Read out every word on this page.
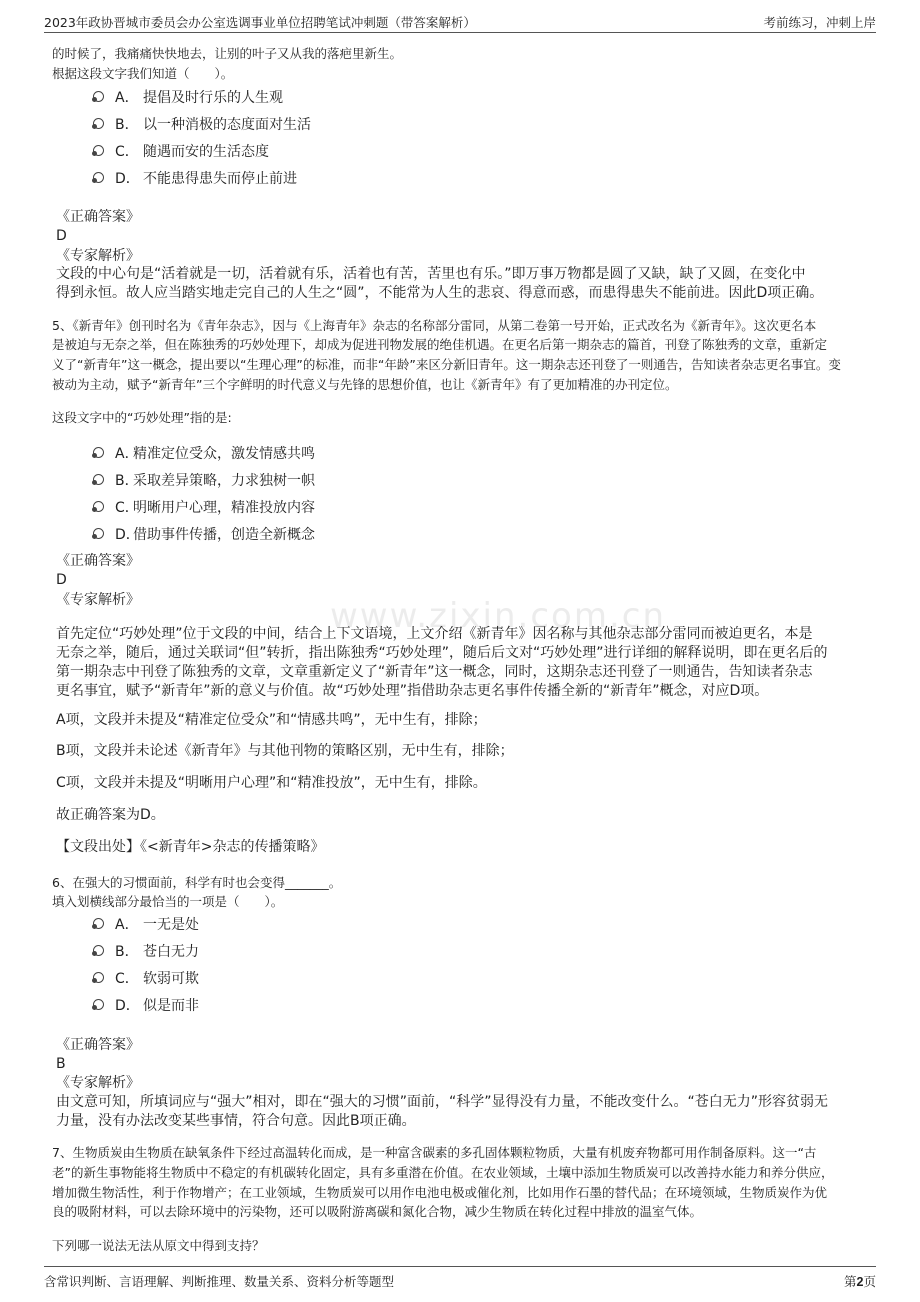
2023年政协晋城市委员会办公室选调事业单位招聘笔试冲刺题（带答案解析）	考前练习，冲刺上岸
www.zixin.com.cn
的时候了，我痛痛快快地去，让别的叶子又从我的落疤里新生。
根据这段文字我们知道（　　）。
A． 提倡及时行乐的人生观
B． 以一种消极的态度面对生活
C． 随遇而安的生活态度
D． 不能患得患失而停止前进
《正确答案》
D
《专家解析》
文段的中心句是“活着就是一切，活着就有乐，活着也有苦，苦里也有乐。”即万事万物都是圆了又缺，缺了又圆，在变化中
得到永恒。故人应当踏实地走完自己的人生之“圆”，不能常为人生的悲哀、得意而惑，而患得患失不能前进。因此D项正确。
5、《新青年》创刊时名为《青年杂志》，因与《上海青年》杂志的名称部分雷同，从第二卷第一号开始，正式改名为《新青年》。这次更名本
是被迫与无奈之举，但在陈独秀的巧妙处理下，却成为促进刊物发展的绝佳机遇。在更名后第一期杂志的篇首，刊登了陈独秀的文章，重新定
义了“新青年”这一概念，提出要以“生理心理”的标准，而非“年龄”来区分新旧青年。这一期杂志还刊登了一则通告，告知读者杂志更名事宜。变
被动为主动，赋予“新青年”三个字鲜明的时代意义与先锋的思想价值，也让《新青年》有了更加精准的办刊定位。
这段文字中的“巧妙处理”指的是:
A．
精准定位受众，激发情感共鸣
B．
采取差异策略，力求独树一帜
C．
明晰用户心理，精准投放内容
D．
借助事件传播，创造全新概念
《正确答案》
D
《专家解析》
首先定位“巧妙处理”位于文段的中间，结合上下文语境，上文介绍《新青年》因名称与其他杂志部分雷同而被迫更名，本是
无奈之举，随后，通过关联词“但”转折，指出陈独秀“巧妙处理”，随后后文对“巧妙处理”进行详细的解释说明，即在更名后的
第一期杂志中刊登了陈独秀的文章，文章重新定义了“新青年”这一概念，同时，这期杂志还刊登了一则通告，告知读者杂志
更名事宜，赋予“新青年”新的意义与价值。故“巧妙处理”指借助杂志更名事件传播全新的“新青年”概念，对应D项。
A项，文段并未提及“精准定位受众”和“情感共鸣”，无中生有，排除；
B项，文段并未论述《新青年》与其他刊物的策略区别，无中生有，排除；
C项，文段并未提及“明晰用户心理”和“精准投放”，无中生有，排除。
故正确答案为D。
【文段出处】《<新青年>杂志的传播策略》
6、在强大的习惯面前，科学有时也会变得_______。
填入划横线部分最恰当的一项是（　　）。
A． 一无是处
B． 苍白无力
C． 软弱可欺
D． 似是而非
《正确答案》
B
《专家解析》
由文意可知，所填词应与“强大”相对，即在“强大的习惯”面前，“科学”显得没有力量，不能改变什么。“苍白无力”形容贫弱无
力量，没有办法改变某些事情，符合句意。因此B项正确。
7、生物质炭由生物质在缺氧条件下经过高温转化而成，是一种富含碳素的多孔固体颗粒物质，大量有机废弃物都可用作制备原料。这一“古
老”的新生事物能将生物质中不稳定的有机碳转化固定，具有多重潜在价值。在农业领域，土壤中添加生物质炭可以改善持水能力和养分供应，
增加微生物活性，利于作物增产；在工业领域，生物质炭可以用作电池电极或催化剂，比如用作石墨的替代品；在环境领域，生物质炭作为优
良的吸附材料，可以去除环境中的污染物，还可以吸附游离碳和氮化合物，减少生物质在转化过程中排放的温室气体。
下列哪一说法无法从原文中得到支持？
含常识判断、言语理解、判断推理、数量关系、资料分析等题型	第2页
